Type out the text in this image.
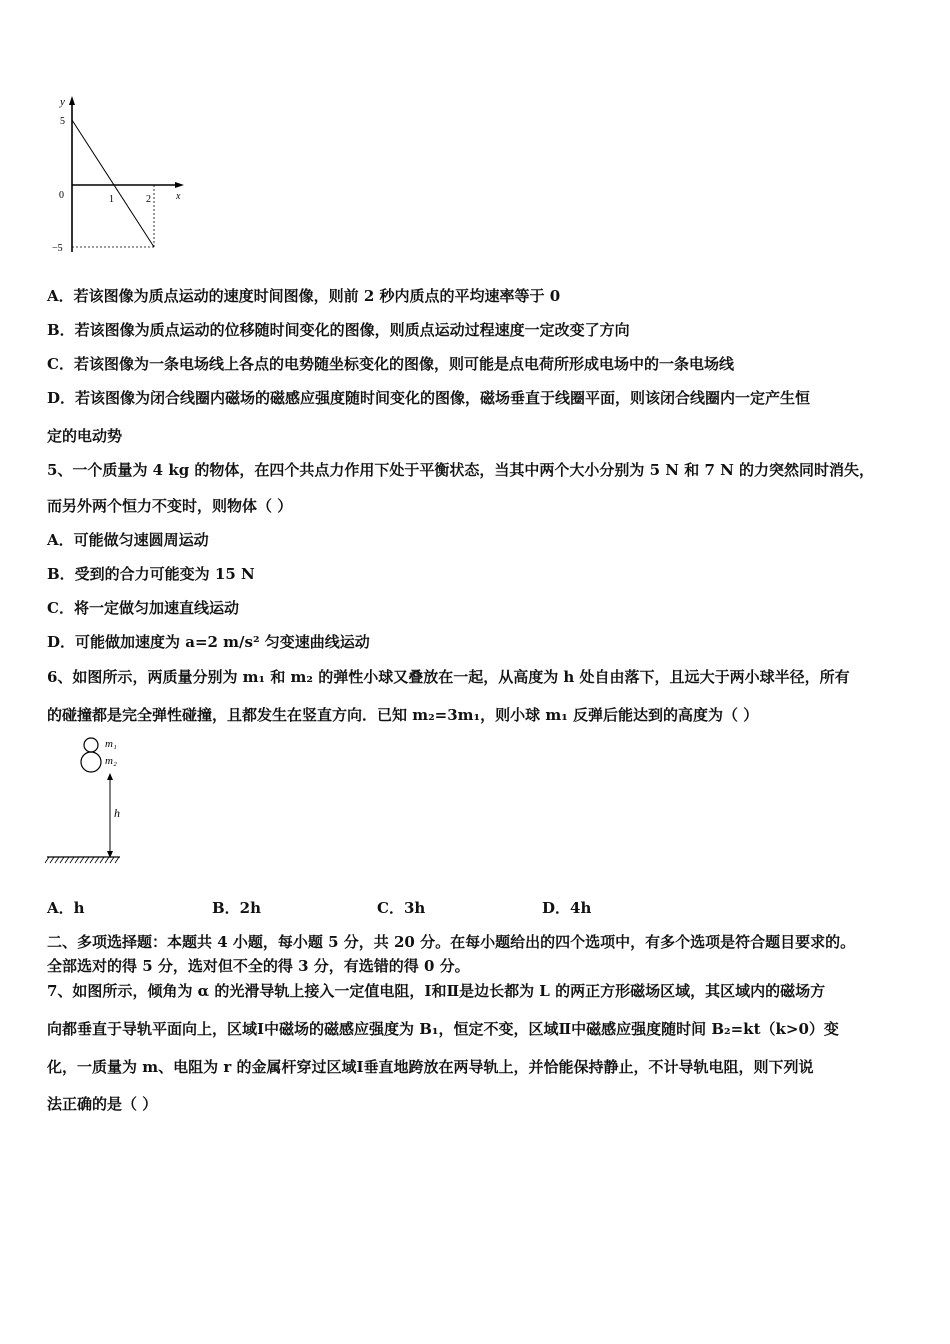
y
x
5
0	1	2
−5
A．若该图像为质点运动的速度时间图像，则前 2 秒内质点的平均速率等于 0
B．若该图像为质点运动的位移随时间变化的图像，则质点运动过程速度一定改变了方向
C．若该图像为一条电场线上各点的电势随坐标变化的图像，则可能是点电荷所形成电场中的一条电场线
D．若该图像为闭合线圈内磁场的磁感应强度随时间变化的图像，磁场垂直于线圈平面，则该闭合线圈内一定产生恒
定的电动势
5、一个质量为 4 kg 的物体，在四个共点力作用下处于平衡状态，当其中两个大小分别为 5 N 和 7 N 的力突然同时消失，
而另外两个恒力不变时，则物体（ ）
A．可能做匀速圆周运动
B．受到的合力可能变为 15 N
C．将一定做匀加速直线运动
D．可能做加速度为 a=2 m/s² 匀变速曲线运动
6、如图所示，两质量分别为 m₁ 和 m₂ 的弹性小球又叠放在一起，从高度为 h 处自由落下，且远大于两小球半径，所有
的碰撞都是完全弹性碰撞，且都发生在竖直方向．已知 m₂=3m₁，则小球 m₁ 反弹后能达到的高度为（ ）
m₁
m₂
h
A．h	B．2h	C．3h	D．4h
二、多项选择题：本题共 4 小题，每小题 5 分，共 20 分。在每小题给出的四个选项中，有多个选项是符合题目要求的。
全部选对的得 5 分，选对但不全的得 3 分，有选错的得 0 分。
7、如图所示，倾角为 α 的光滑导轨上接入一定值电阻，Ⅰ和Ⅱ是边长都为 L 的两正方形磁场区域，其区域内的磁场方
向都垂直于导轨平面向上，区域Ⅰ中磁场的磁感应强度为 B₁，恒定不变，区域Ⅱ中磁感应强度随时间 B₂=kt（k>0）变
化，一质量为 m、电阻为 r 的金属杆穿过区域Ⅰ垂直地跨放在两导轨上，并恰能保持静止，不计导轨电阻，则下列说
法正确的是（ ）
